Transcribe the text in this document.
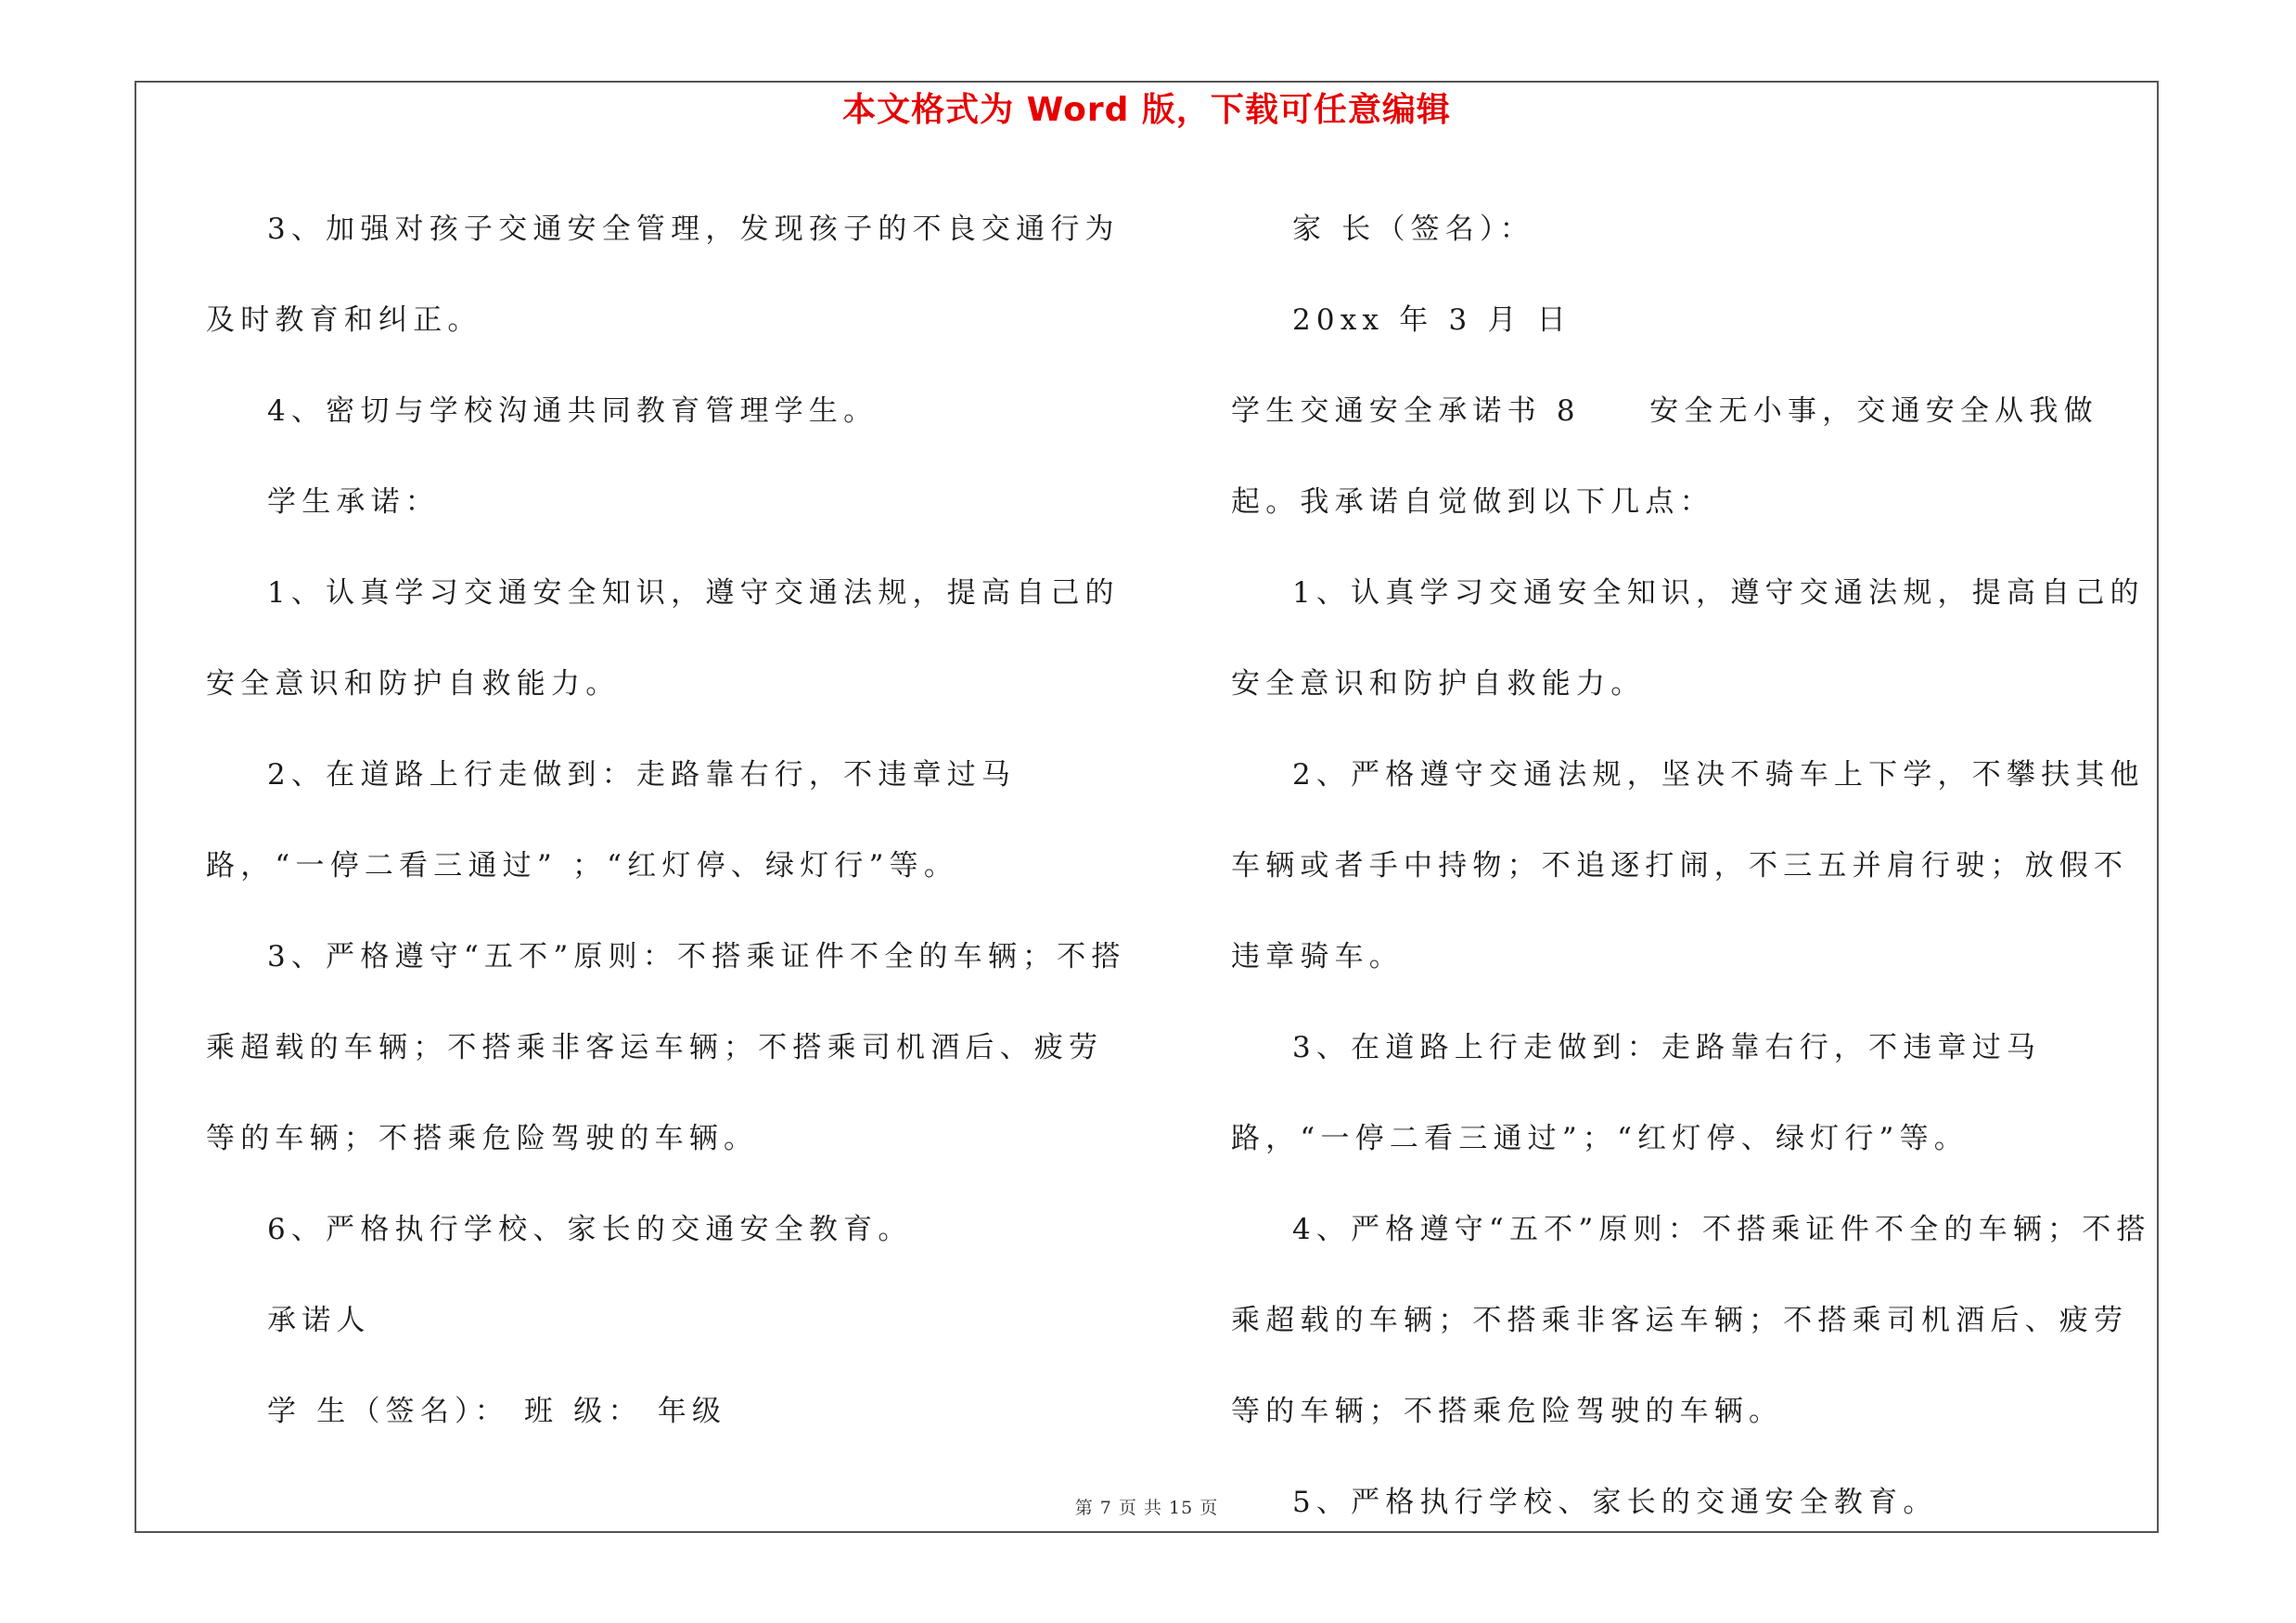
本文格式为 Word 版，下载可任意编辑

3、加强对孩子交通安全管理，发现孩子的不良交通行为及时教育和纠正。

4、密切与学校沟通共同教育管理学生。

学生承诺：

1、认真学习交通安全知识，遵守交通法规，提高自己的安全意识和防护自救能力。

2、在道路上行走做到：走路靠右行，不违章过马路，“一停二看三通过” ；“红灯停、绿灯行”等。

3、严格遵守“五不”原则：不搭乘证件不全的车辆；不搭乘超载的车辆；不搭乘非客运车辆；不搭乘司机酒后、疲劳等的车辆；不搭乘危险驾驶的车辆。

6、严格执行学校、家长的交通安全教育。

承诺人

学 生（签名）： 班 级： 年级

家 长（签名）：

20xx 年 3 月 日

学生交通安全承诺书 8　　安全无小事，交通安全从我做起。我承诺自觉做到以下几点：

1、认真学习交通安全知识，遵守交通法规，提高自己的安全意识和防护自救能力。

2、严格遵守交通法规，坚决不骑车上下学，不攀扶其他车辆或者手中持物；不追逐打闹，不三五并肩行驶；放假不违章骑车。

3、在道路上行走做到：走路靠右行，不违章过马路，“一停二看三通过”；“红灯停、绿灯行”等。

4、严格遵守“五不”原则：不搭乘证件不全的车辆；不搭乘超载的车辆；不搭乘非客运车辆；不搭乘司机酒后、疲劳等的车辆；不搭乘危险驾驶的车辆。

5、严格执行学校、家长的交通安全教育。

第 7 页 共 15 页
